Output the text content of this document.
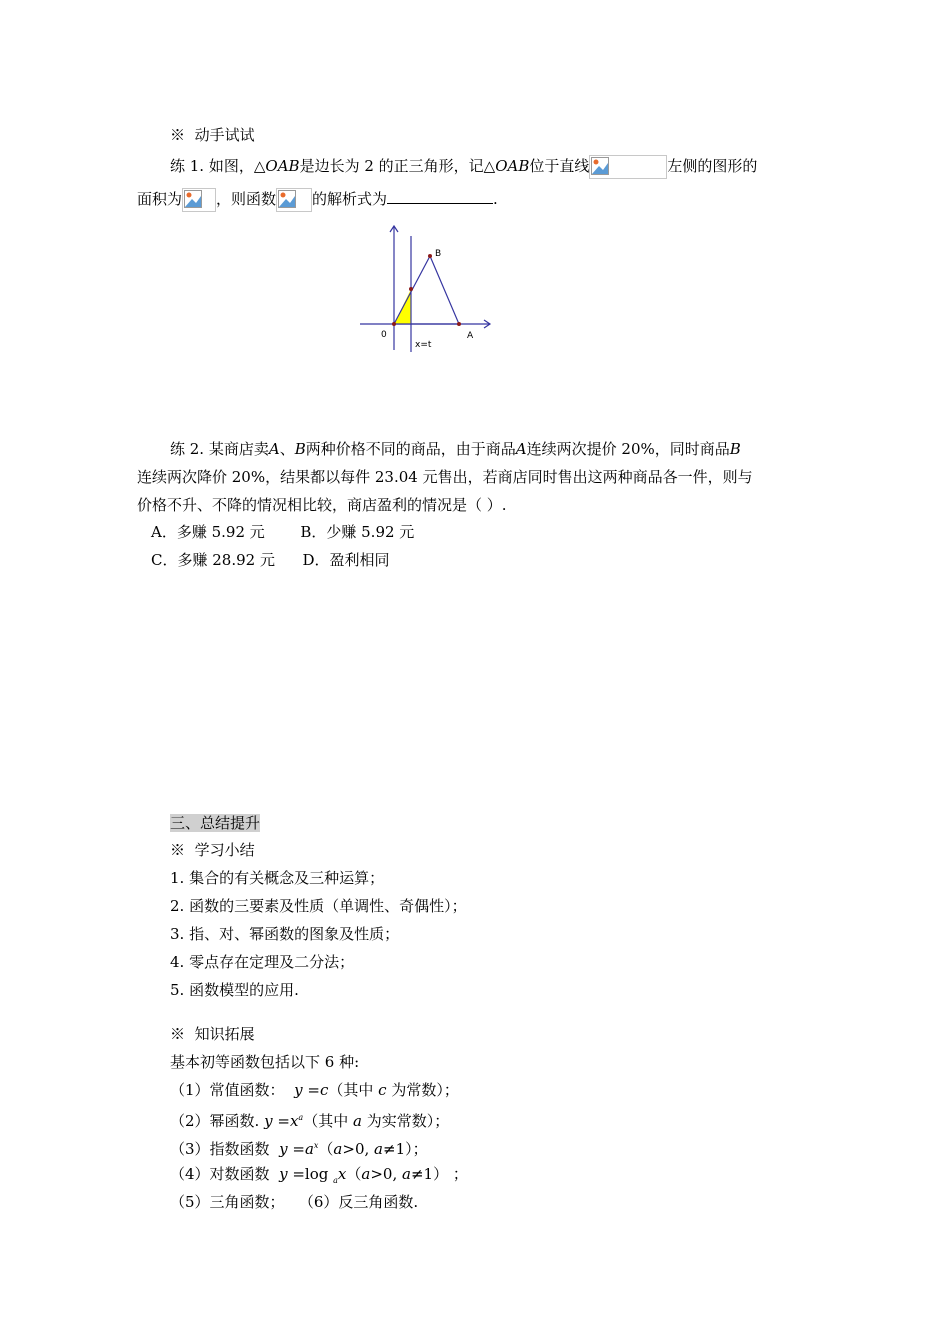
※ 动手试试
练 1. 如图，△OAB是边长为 2 的正三角形，记△OAB位于直线	左侧的图形的
面积为 ，则函数 的解析式为	.
B
0	A
x=t
练 2. 某商店卖A、B两种价格不同的商品，由于商品A连续两次提价 20%，同时商品B
连续两次降价 20%，结果都以每件 23.04 元售出，若商店同时售出这两种商品各一件，则与
价格不升、不降的情况相比较，商店盈利的情况是（ ）.
A．多赚 5.92 元 B．少赚 5.92 元
C．多赚 28.92 元 D．盈利相同
三、总结提升
※ 学习小结
1. 集合的有关概念及三种运算；
2. 函数的三要素及性质（单调性、奇偶性）；
3. 指、对、幂函数的图象及性质；
4. 零点存在定理及二分法；
5. 函数模型的应用.
※ 知识拓展
基本初等函数包括以下 6 种:
（1）常值函数： y =c（其中 c 为常数）；
（2）幂函数. $y =x^a$（其中 a 为实常数）；
（3）指数函数 $y =a^x(a>0$, a≠1）；
（4）对数函数 y =log $_a$x（a>0, a≠1） ；
（5）三角函数； （6）反三角函数.
